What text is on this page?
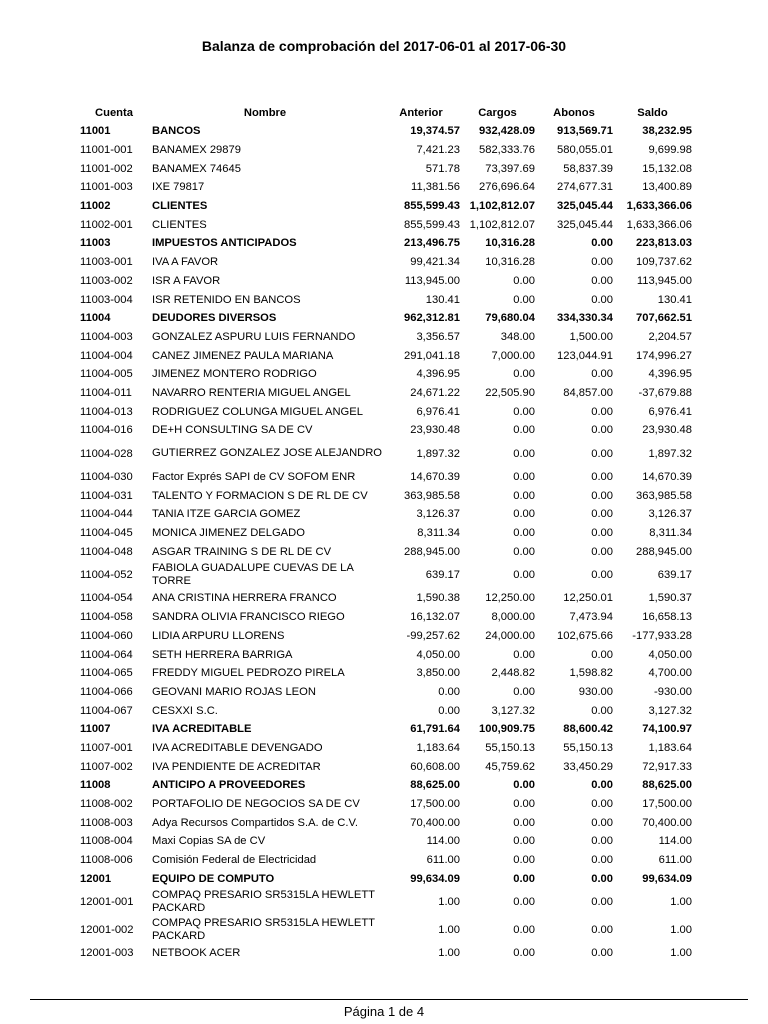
Balanza de comprobación del 2017-06-01 al 2017-06-30
Cuenta	Nombre	Anterior	Cargos	Abonos	Saldo
11001	BANCOS	19,374.57	932,428.09	913,569.71	38,232.95
11001-001	BANAMEX 29879	7,421.23	582,333.76	580,055.01	9,699.98
11001-002	BANAMEX 74645	571.78	73,397.69	58,837.39	15,132.08
11001-003	IXE 79817	11,381.56	276,696.64	274,677.31	13,400.89
11002	CLIENTES	855,599.43	1,102,812.07	325,045.44	1,633,366.06
11002-001	CLIENTES	855,599.43	1,102,812.07	325,045.44	1,633,366.06
11003	IMPUESTOS ANTICIPADOS	213,496.75	10,316.28	0.00	223,813.03
11003-001	IVA A FAVOR	99,421.34	10,316.28	0.00	109,737.62
11003-002	ISR A FAVOR	113,945.00	0.00	0.00	113,945.00
11003-004	ISR RETENIDO EN BANCOS	130.41	0.00	0.00	130.41
11004	DEUDORES DIVERSOS	962,312.81	79,680.04	334,330.34	707,662.51
11004-003	GONZALEZ ASPURU LUIS FERNANDO	3,356.57	348.00	1,500.00	2,204.57
11004-004	CANEZ JIMENEZ PAULA MARIANA	291,041.18	7,000.00	123,044.91	174,996.27
11004-005	JIMENEZ MONTERO RODRIGO	4,396.95	0.00	0.00	4,396.95
11004-011	NAVARRO RENTERIA MIGUEL ANGEL	24,671.22	22,505.90	84,857.00	-37,679.88
11004-013	RODRIGUEZ COLUNGA MIGUEL ANGEL	6,976.41	0.00	0.00	6,976.41
11004-016	DE+H CONSULTING SA DE CV	23,930.48	0.00	0.00	23,930.48
11004-028	GUTIERREZ GONZALEZ JOSE ALEJANDRO	1,897.32	0.00	0.00	1,897.32
11004-030	Factor Exprés SAPI de CV SOFOM ENR	14,670.39	0.00	0.00	14,670.39
11004-031	TALENTO Y FORMACION S DE RL DE CV	363,985.58	0.00	0.00	363,985.58
11004-044	TANIA ITZE GARCIA GOMEZ	3,126.37	0.00	0.00	3,126.37
11004-045	MONICA JIMENEZ DELGADO	8,311.34	0.00	0.00	8,311.34
11004-048	ASGAR TRAINING S DE RL DE CV	288,945.00	0.00	0.00	288,945.00
11004-052	FABIOLA GUADALUPE CUEVAS DE LA TORRE	639.17	0.00	0.00	639.17
11004-054	ANA CRISTINA HERRERA FRANCO	1,590.38	12,250.00	12,250.01	1,590.37
11004-058	SANDRA OLIVIA FRANCISCO RIEGO	16,132.07	8,000.00	7,473.94	16,658.13
11004-060	LIDIA ARPURU LLORENS	-99,257.62	24,000.00	102,675.66	-177,933.28
11004-064	SETH HERRERA BARRIGA	4,050.00	0.00	0.00	4,050.00
11004-065	FREDDY MIGUEL PEDROZO PIRELA	3,850.00	2,448.82	1,598.82	4,700.00
11004-066	GEOVANI MARIO ROJAS LEON	0.00	0.00	930.00	-930.00
11004-067	CESXXI S.C.	0.00	3,127.32	0.00	3,127.32
11007	IVA ACREDITABLE	61,791.64	100,909.75	88,600.42	74,100.97
11007-001	IVA ACREDITABLE DEVENGADO	1,183.64	55,150.13	55,150.13	1,183.64
11007-002	IVA PENDIENTE DE ACREDITAR	60,608.00	45,759.62	33,450.29	72,917.33
11008	ANTICIPO A PROVEEDORES	88,625.00	0.00	0.00	88,625.00
11008-002	PORTAFOLIO DE NEGOCIOS SA DE CV	17,500.00	0.00	0.00	17,500.00
11008-003	Adya Recursos Compartidos S.A. de C.V.	70,400.00	0.00	0.00	70,400.00
11008-004	Maxi Copias SA de CV	114.00	0.00	0.00	114.00
11008-006	Comisión Federal de Electricidad	611.00	0.00	0.00	611.00
12001	EQUIPO DE COMPUTO	99,634.09	0.00	0.00	99,634.09
12001-001	COMPAQ PRESARIO SR5315LA HEWLETT PACKARD	1.00	0.00	0.00	1.00
12001-002	COMPAQ PRESARIO SR5315LA HEWLETT PACKARD	1.00	0.00	0.00	1.00
12001-003	NETBOOK ACER	1.00	0.00	0.00	1.00
Página 1 de 4
